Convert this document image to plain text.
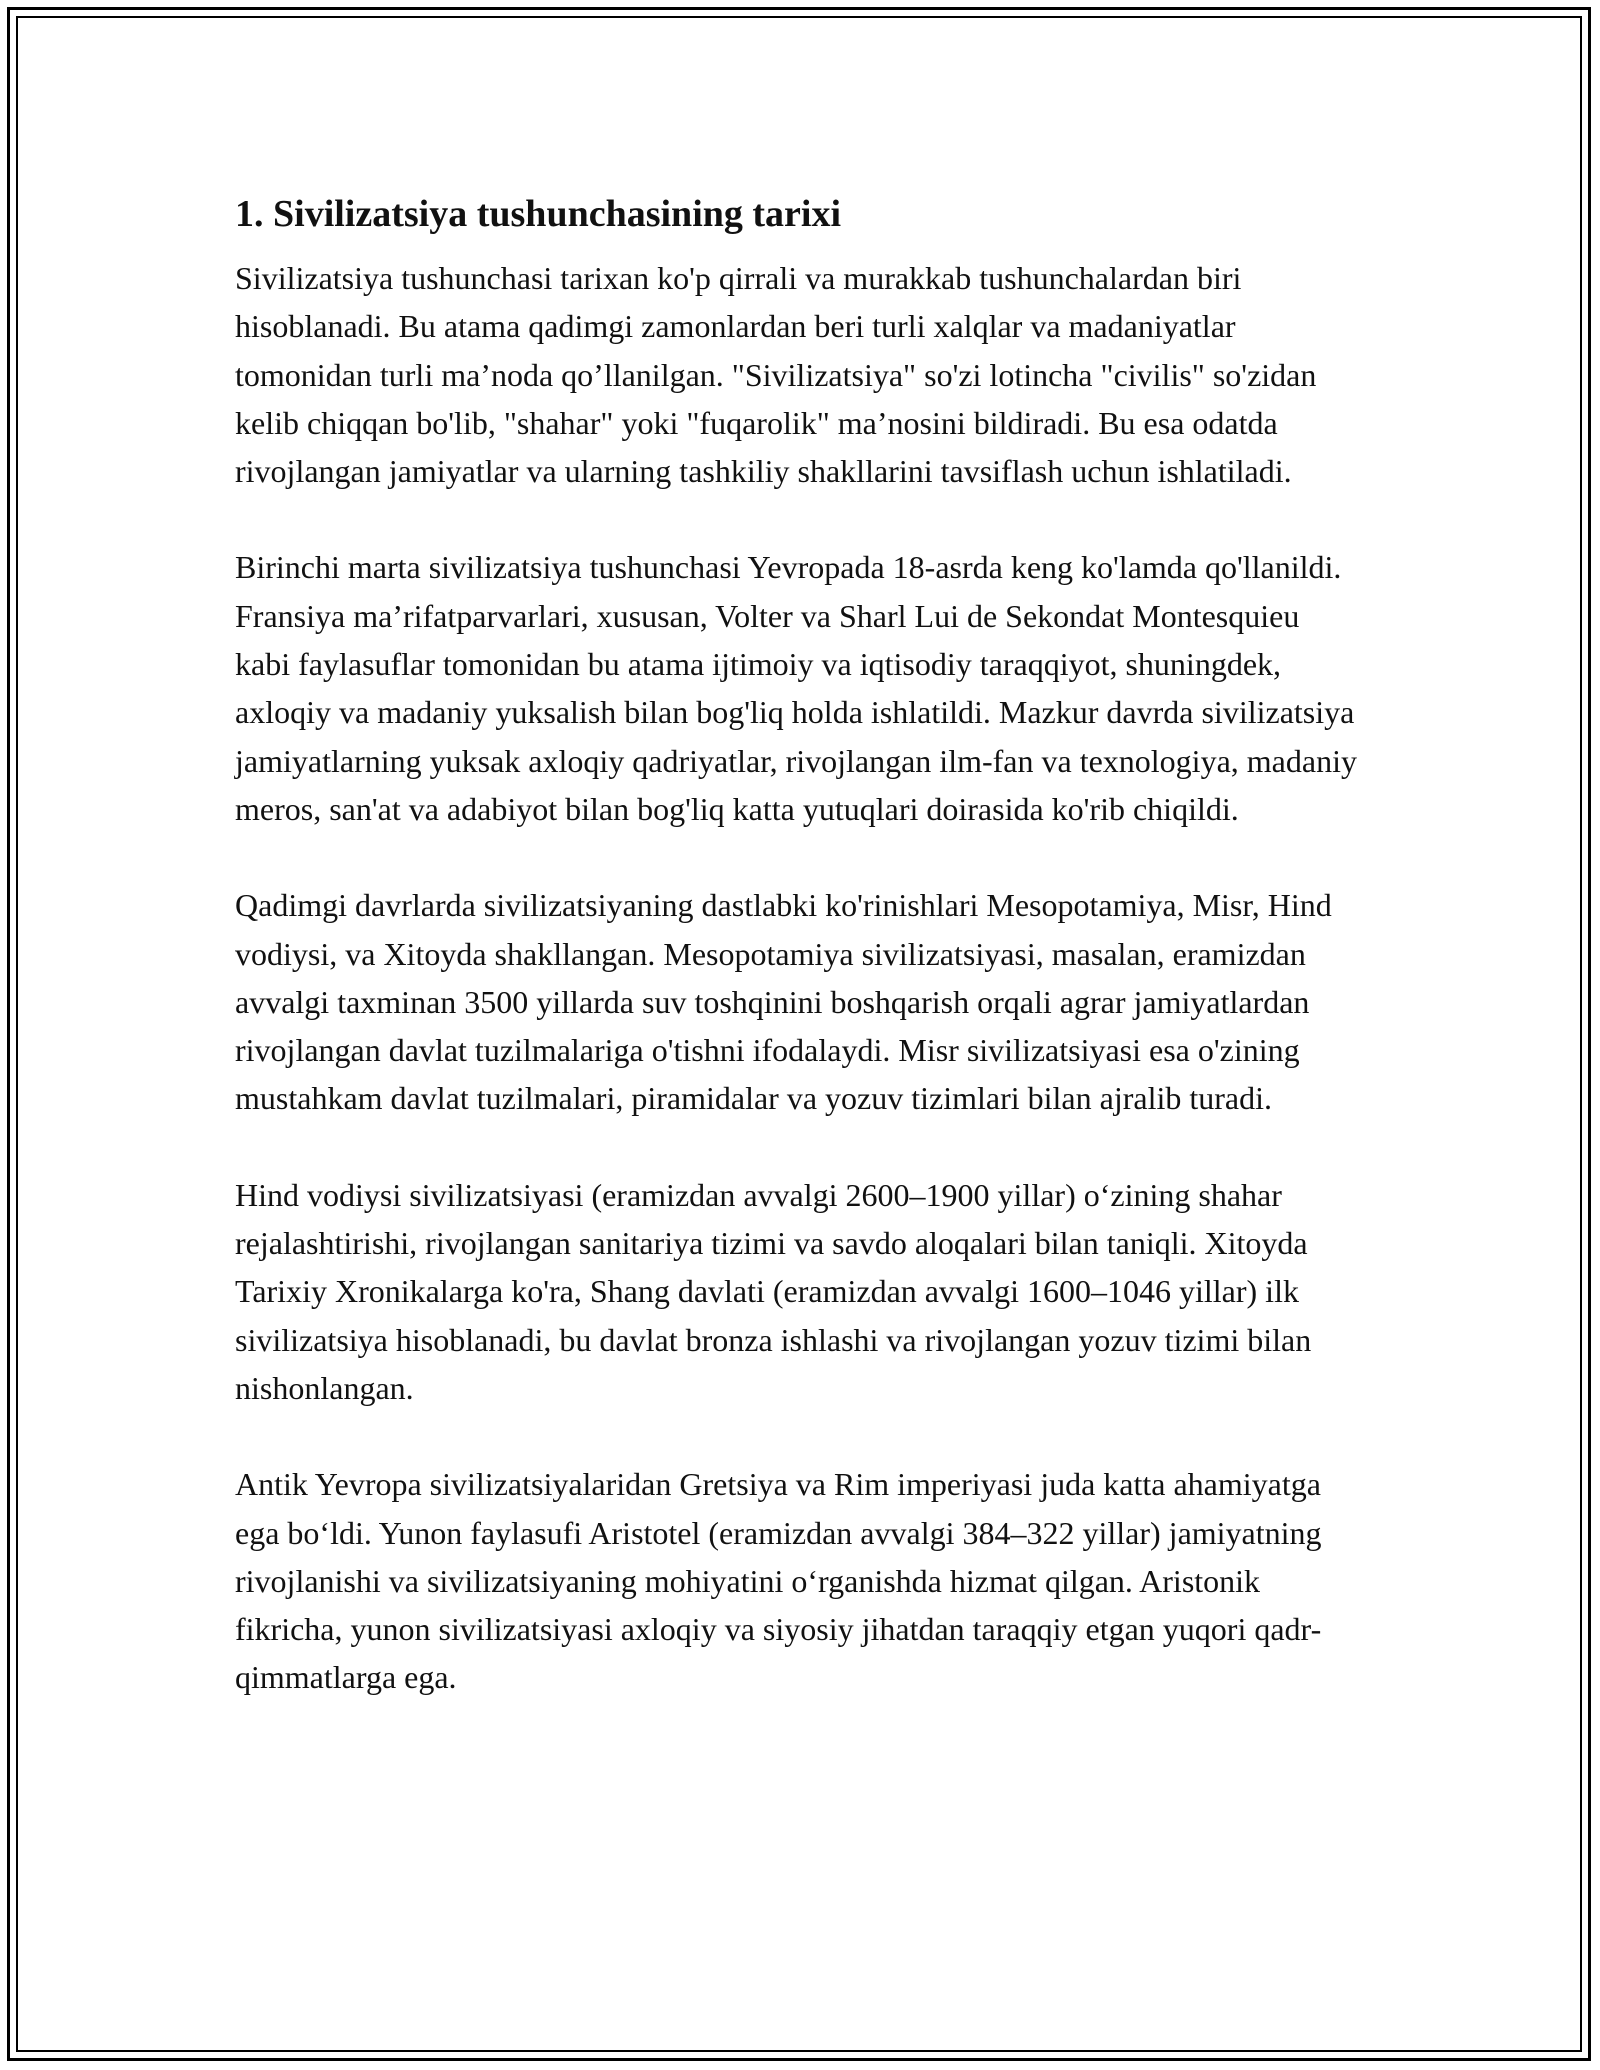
1. Sivilizatsiya tushunchasining tarixi

Sivilizatsiya tushunchasi tarixan ko'p qirrali va murakkab tushunchalardan biri hisoblanadi. Bu atama qadimgi zamonlardan beri turli xalqlar va madaniyatlar tomonidan turli ma’noda qo’llanilgan. "Sivilizatsiya" so'zi lotincha "civilis" so'zidan kelib chiqqan bo'lib, "shahar" yoki "fuqarolik" ma’nosini bildiradi. Bu esa odatda rivojlangan jamiyatlar va ularning tashkiliy shakllarini tavsiflash uchun ishlatiladi.

Birinchi marta sivilizatsiya tushunchasi Yevropada 18-asrda keng ko'lamda qo'llanildi. Fransiya ma’rifatparvarlari, xususan, Volter va Sharl Lui de Sekondat Montesquieu kabi faylasuflar tomonidan bu atama ijtimoiy va iqtisodiy taraqqiyot, shuningdek, axloqiy va madaniy yuksalish bilan bog'liq holda ishlatildi. Mazkur davrda sivilizatsiya jamiyatlarning yuksak axloqiy qadriyatlar, rivojlangan ilm-fan va texnologiya, madaniy meros, san'at va adabiyot bilan bog'liq katta yutuqlari doirasida ko'rib chiqildi.

Qadimgi davrlarda sivilizatsiyaning dastlabki ko'rinishlari Mesopotamiya, Misr, Hind vodiysi, va Xitoyda shakllangan. Mesopotamiya sivilizatsiyasi, masalan, eramizdan avvalgi taxminan 3500 yillarda suv toshqinini boshqarish orqali agrar jamiyatlardan rivojlangan davlat tuzilmalariga o'tishni ifodalaydi. Misr sivilizatsiyasi esa o'zining mustahkam davlat tuzilmalari, piramidalar va yozuv tizimlari bilan ajralib turadi.

Hind vodiysi sivilizatsiyasi (eramizdan avvalgi 2600–1900 yillar) o‘zining shahar rejalashtirishi, rivojlangan sanitariya tizimi va savdo aloqalari bilan taniqli. Xitoyda Tarixiy Xronikalarga ko'ra, Shang davlati (eramizdan avvalgi 1600–1046 yillar) ilk sivilizatsiya hisoblanadi, bu davlat bronza ishlashi va rivojlangan yozuv tizimi bilan nishonlangan.

Antik Yevropa sivilizatsiyalaridan Gretsiya va Rim imperiyasi juda katta ahamiyatga ega bo‘ldi. Yunon faylasufi Aristotel (eramizdan avvalgi 384–322 yillar) jamiyatning rivojlanishi va sivilizatsiyaning mohiyatini o‘rganishda hizmat qilgan. Aristonik fikricha, yunon sivilizatsiyasi axloqiy va siyosiy jihatdan taraqqiy etgan yuqori qadr-qimmatlarga ega.
